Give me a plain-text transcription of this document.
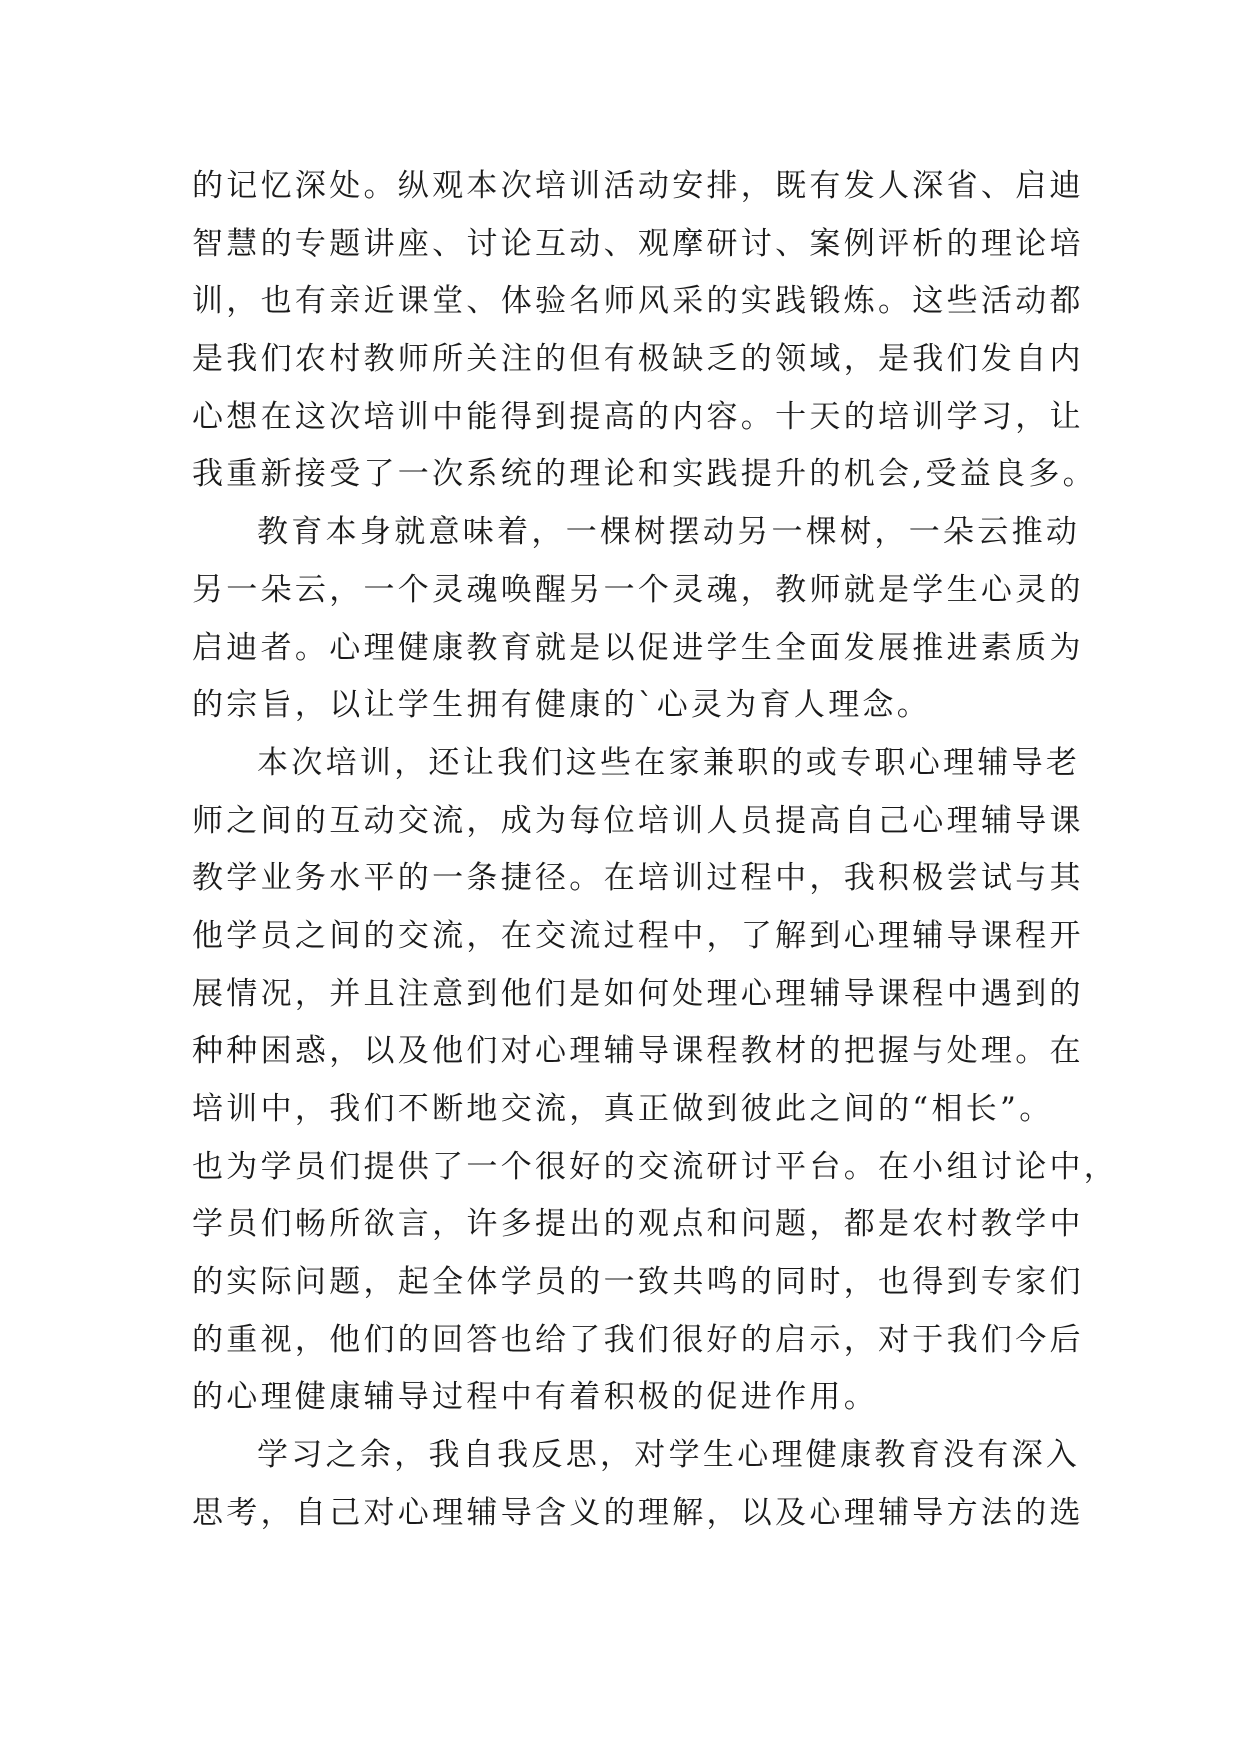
的记忆深处。纵观本次培训活动安排，既有发人深省、启迪
智慧的专题讲座、讨论互动、观摩研讨、案例评析的理论培
训，也有亲近课堂、体验名师风采的实践锻炼。这些活动都
是我们农村教师所关注的但有极缺乏的领域，是我们发自内
心想在这次培训中能得到提高的内容。十天的培训学习，让
我重新接受了一次系统的理论和实践提升的机会,受益良多。
教育本身就意味着，一棵树摆动另一棵树，一朵云推动
另一朵云，一个灵魂唤醒另一个灵魂，教师就是学生心灵的
启迪者。心理健康教育就是以促进学生全面发展推进素质为
的宗旨，以让学生拥有健康的`心灵为育人理念。
本次培训，还让我们这些在家兼职的或专职心理辅导老
师之间的互动交流，成为每位培训人员提高自己心理辅导课
教学业务水平的一条捷径。在培训过程中，我积极尝试与其
他学员之间的交流，在交流过程中，了解到心理辅导课程开
展情况，并且注意到他们是如何处理心理辅导课程中遇到的
种种困惑，以及他们对心理辅导课程教材的把握与处理。在
培训中，我们不断地交流，真正做到彼此之间的“相长”。
也为学员们提供了一个很好的交流研讨平台。在小组讨论中，
学员们畅所欲言，许多提出的观点和问题，都是农村教学中
的实际问题，起全体学员的一致共鸣的同时，也得到专家们
的重视，他们的回答也给了我们很好的启示，对于我们今后
的心理健康辅导过程中有着积极的促进作用。
学习之余，我自我反思，对学生心理健康教育没有深入
思考，自己对心理辅导含义的理解，以及心理辅导方法的选
